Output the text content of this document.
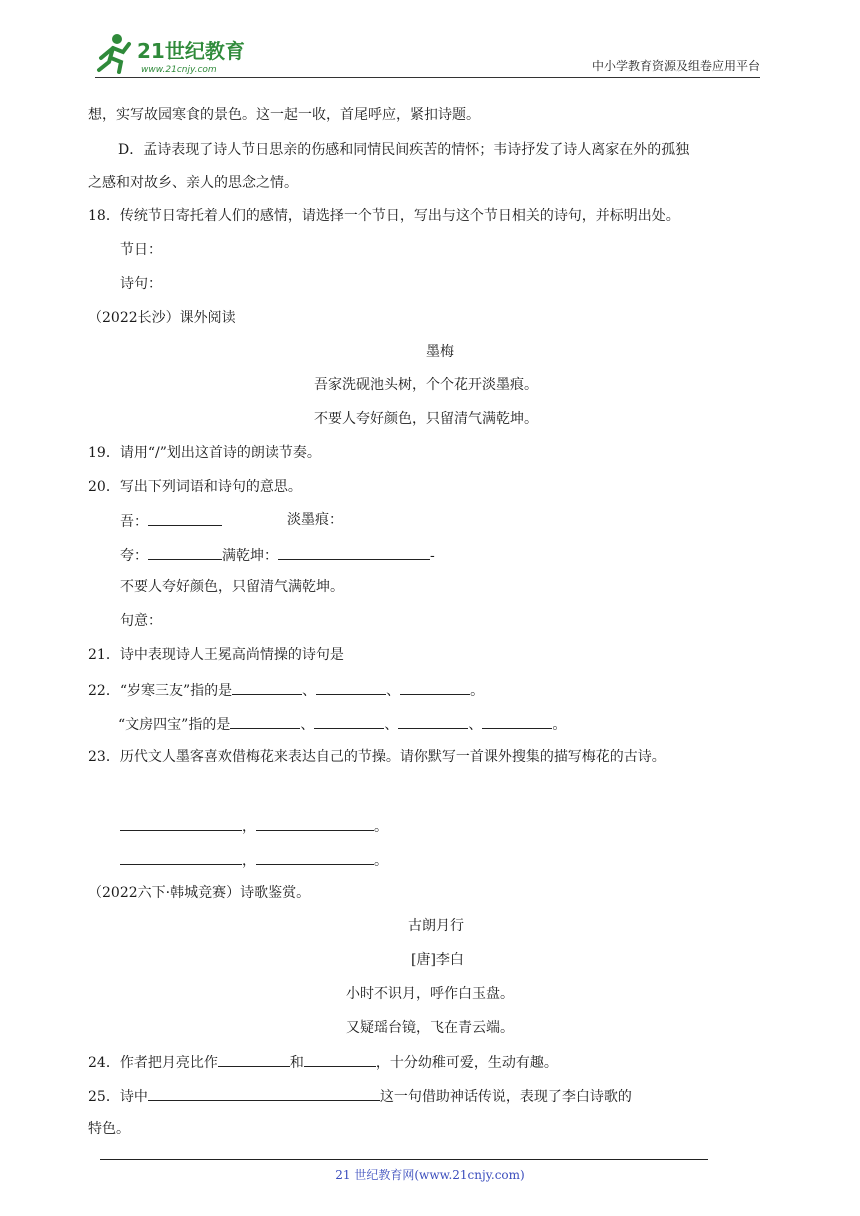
21世纪教育
www.21cnjy.com	中小学教育资源及组卷应用平台
想，实写故园寒食的景色。这一起一收，首尾呼应，紧扣诗题。
D．孟诗表现了诗人节日思亲的伤感和同情民间疾苦的情怀；韦诗抒发了诗人离家在外的孤独
之感和对故乡、亲人的思念之情。
18．传统节日寄托着人们的感情，请选择一个节日，写出与这个节日相关的诗句，并标明出处。
节日：
诗句：
（2022长沙）课外阅读
墨梅
吾家洗砚池头树，个个花开淡墨痕。
不要人夸好颜色，只留清气满乾坤。
19．请用“/”划出这首诗的朗读节奏。
20．写出下列词语和诗句的意思。
吾：	淡墨痕：
夸：	满乾坤：	-
不要人夸好颜色，只留清气满乾坤。
句意：
21．诗中表现诗人王冕高尚情操的诗句是
22．“岁寒三友”指的是	、	、	。
“文房四宝”指的是	、	、	、	。
23．历代文人墨客喜欢借梅花来表达自己的节操。请你默写一首课外搜集的描写梅花的古诗。
，	。
，	。
（2022六下·韩城竞赛）诗歌鉴赏。
古朗月行
[唐]李白
小时不识月，呼作白玉盘。
又疑瑶台镜，飞在青云端。
24．作者把月亮比作	和	，十分幼稚可爱，生动有趣。
25．诗中	这一句借助神话传说，表现了李白诗歌的
特色。
21 世纪教育网(www.21cnjy.com)
